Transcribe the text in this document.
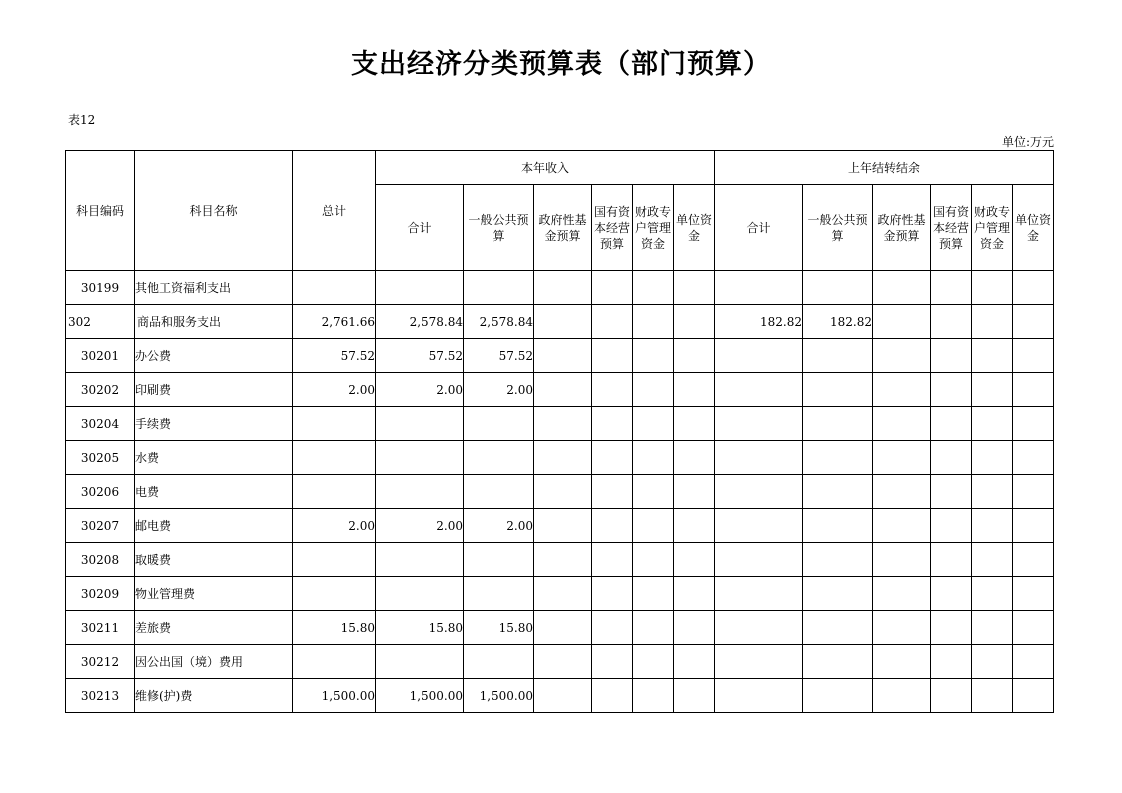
支出经济分类预算表（部门预算）
表12
单位:万元
科目编码	科目名称	总计	本年收入						上年结转结余					
			合计	一般公共预算	政府性基金预算	国有资本经营预算	财政专户管理资金	单位资金	合计	一般公共预算	政府性基金预算	国有资本经营预算	财政专户管理资金	单位资金
30199	其他工资福利支出													
302	商品和服务支出	2,761.66	2,578.84	2,578.84					182.82	182.82				
30201	办公费	57.52	57.52	57.52										
30202	印刷费	2.00	2.00	2.00										
30204	手续费													
30205	水费													
30206	电费													
30207	邮电费	2.00	2.00	2.00										
30208	取暖费													
30209	物业管理费													
30211	差旅费	15.80	15.80	15.80										
30212	因公出国（境）费用													
30213	维修(护)费	1,500.00	1,500.00	1,500.00										
